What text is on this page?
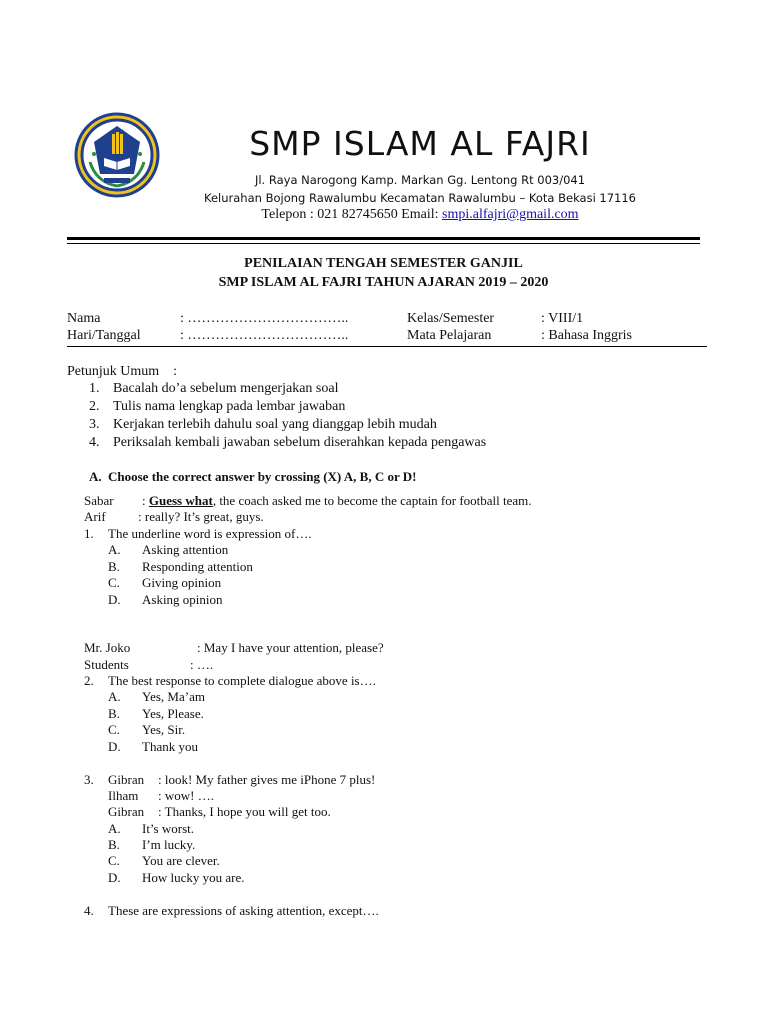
SMP ISLAM AL FAJRI
Jl. Raya Narogong Kamp. Markan Gg. Lentong Rt 003/041
Kelurahan Bojong Rawalumbu Kecamatan Rawalumbu – Kota Bekasi 17116
Telepon : 021 82745650 Email: smpi.alfajri@gmail.com
PENILAIAN TENGAH SEMESTER GANJIL
SMP ISLAM AL FAJRI TAHUN AJARAN 2019 – 2020
Nama	: ……………………………..	Kelas/Semester	: VIII/1
Hari/Tanggal	: ……………………………..	Mata Pelajaran	: Bahasa Inggris
Petunjuk Umum    :
1. Bacalah do’a sebelum mengerjakan soal
2. Tulis nama lengkap pada lembar jawaban
3. Kerjakan terlebih dahulu soal yang dianggap lebih mudah
4. Periksalah kembali jawaban sebelum diserahkan kepada pengawas
A. Choose the correct answer by crossing (X) A, B, C or D!
Sabar : Guess what, the coach asked me to become the captain for football team.
Arif : really? It’s great, guys.
1. The underline word is expression of….
A. Asking attention
B. Responding attention
C. Giving opinion
D. Asking opinion
Mr. Joko	: May I have your attention, please?
Students	: ….
2. The best response to complete dialogue above is….
A. Yes, Ma’am
B. Yes, Please.
C. Yes, Sir.
D. Thank you
3. Gibran : look! My father gives me iPhone 7 plus!
Ilham : wow! ….
Gibran : Thanks, I hope you will get too.
A. It’s worst.
B. I’m lucky.
C. You are clever.
D. How lucky you are.
4. These are expressions of asking attention, except….
